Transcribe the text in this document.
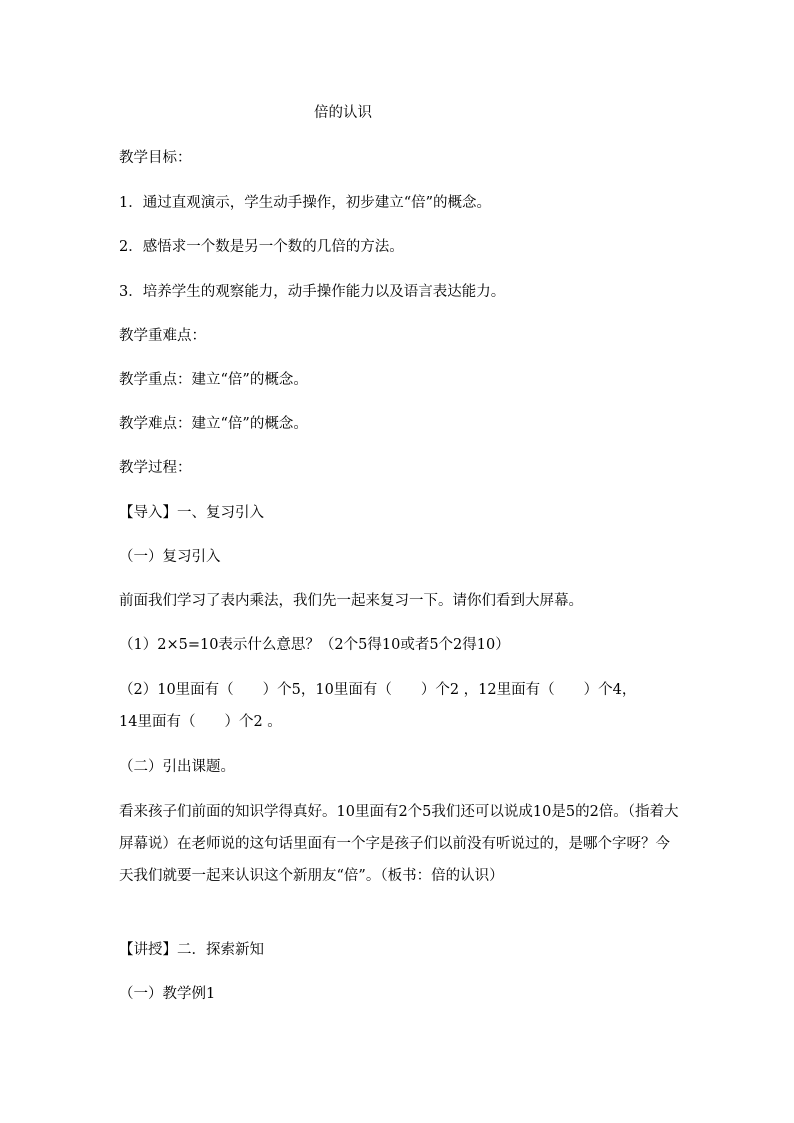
倍的认识
教学目标：
1．通过直观演示，学生动手操作，初步建立“倍”的概念。
2．感悟求一个数是另一个数的几倍的方法。
3．培养学生的观察能力，动手操作能力以及语言表达能力。
教学重难点：
教学重点：建立“倍”的概念。
教学难点：建立“倍”的概念。
教学过程：
【导入】一、复习引入
（一）复习引入
前面我们学习了表内乘法，我们先一起来复习一下。请你们看到大屏幕。
（1）2×5=10表示什么意思？（2个5得10或者5个2得10）
（2）10里面有（　　）个5，10里面有（　　）个2 ，12里面有（　　）个4，
14里面有（　　）个2 。
（二）引出课题。
看来孩子们前面的知识学得真好。10里面有2个5我们还可以说成10是5的2倍。（指着大屏幕说）在老师说的这句话里面有一个字是孩子们以前没有听说过的，是哪个字呀？今天我们就要一起来认识这个新朋友“倍”。（板书：倍的认识）
【讲授】二．探索新知
（一）教学例1
